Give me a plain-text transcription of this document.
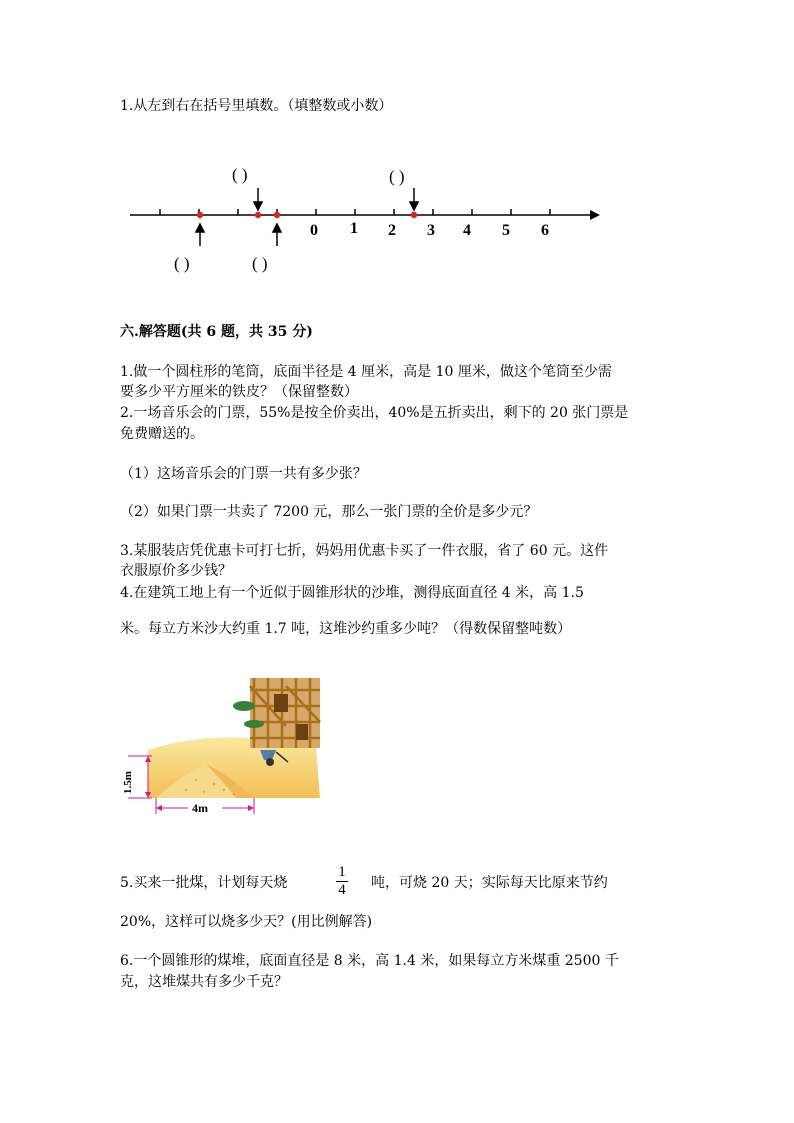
1.从左到右在括号里填数。（填整数或小数）
0 1 2 3 4 5 6
( )	( )
( )	( )
六.解答题(共 6 题，共 35 分)
1.做一个圆柱形的笔筒，底面半径是 4 厘米，高是 10 厘米，做这个笔筒至少需
要多少平方厘米的铁皮？（保留整数）
2.一场音乐会的门票，55%是按全价卖出，40%是五折卖出，剩下的 20 张门票是
免费赠送的。
（1）这场音乐会的门票一共有多少张？
（2）如果门票一共卖了 7200 元，那么一张门票的全价是多少元？
3.某服装店凭优惠卡可打七折，妈妈用优惠卡买了一件衣服，省了 60 元。这件
衣服原价多少钱？
4.在建筑工地上有一个近似于圆锥形状的沙堆，测得底面直径 4 米，高 1.5
米。每立方米沙大约重 1.7 吨，这堆沙约重多少吨？（得数保留整吨数）
1.5m
4m
5.买来一批煤，计划每天烧
1
4	吨，可烧 20 天；实际每天比原来节约
20%，这样可以烧多少天？(用比例解答)
6.一个圆锥形的煤堆，底面直径是 8 米，高 1.4 米，如果每立方米煤重 2500 千
克，这堆煤共有多少千克？
